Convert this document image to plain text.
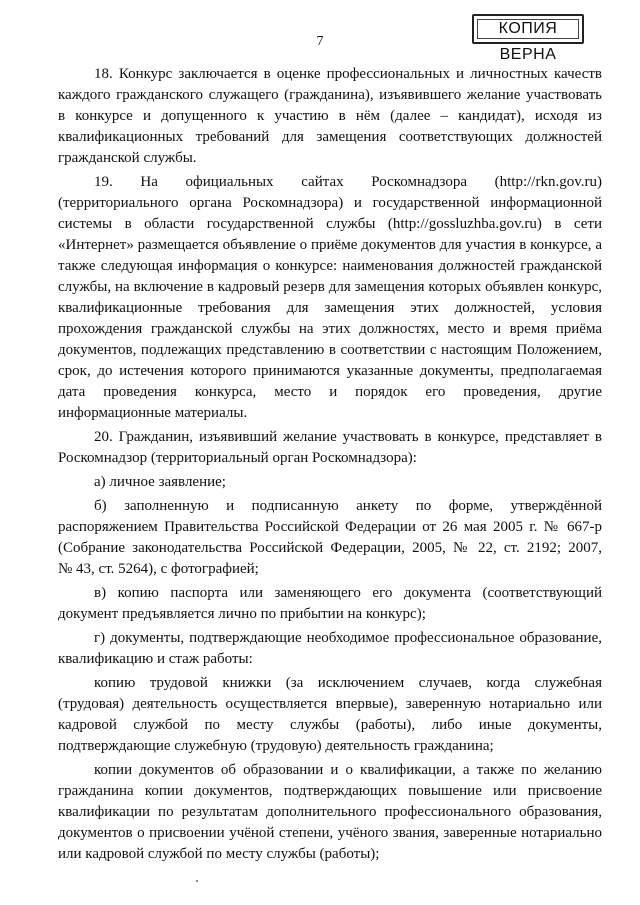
7
КОПИЯ ВЕРНА
18. Конкурс заключается в оценке профессиональных и личностных качеств
каждого гражданского служащего (гражданина), изъявившего желание участвовать
в конкурсе и допущенного к участию в нём (далее – кандидат), исходя из
квалификационных требований для замещения соответствующих должностей
гражданской службы.
19. На официальных сайтах Роскомнадзора (http://rkn.gov.ru)
(территориального органа Роскомнадзора) и государственной информационной
системы в области государственной службы (http://gossluzhba.gov.ru) в сети
«Интернет» размещается объявление о приёме документов для участия в конкурсе, а
также следующая информация о конкурсе: наименования должностей гражданской
службы, на включение в кадровый резерв для замещения которых объявлен конкурс,
квалификационные требования для замещения этих должностей, условия
прохождения гражданской службы на этих должностях, место и время приёма
документов, подлежащих представлению в соответствии с настоящим Положением,
срок, до истечения которого принимаются указанные документы, предполагаемая
дата проведения конкурса, место и порядок его проведения, другие
информационные материалы.
20. Гражданин, изъявивший желание участвовать в конкурсе, представляет в
Роскомнадзор (территориальный орган Роскомнадзора):
а) личное заявление;
б) заполненную и подписанную анкету по форме, утверждённой
распоряжением Правительства Российской Федерации от 26 мая 2005 г. № 667-р
(Собрание законодательства Российской Федерации, 2005, № 22, ст. 2192; 2007,
№ 43, ст. 5264), с фотографией;
в) копию паспорта или заменяющего его документа (соответствующий
документ предъявляется лично по прибытии на конкурс);
г) документы, подтверждающие необходимое профессиональное образование,
квалификацию и стаж работы:
копию трудовой книжки (за исключением случаев, когда служебная
(трудовая) деятельность осуществляется впервые), заверенную нотариально или
кадровой службой по месту службы (работы), либо иные документы,
подтверждающие служебную (трудовую) деятельность гражданина;
копии документов об образовании и о квалификации, а также по желанию
гражданина копии документов, подтверждающих повышение или присвоение
квалификации по результатам дополнительного профессионального образования,
документов о присвоении учёной степени, учёного звания, заверенные нотариально
или кадровой службой по месту службы (работы);
